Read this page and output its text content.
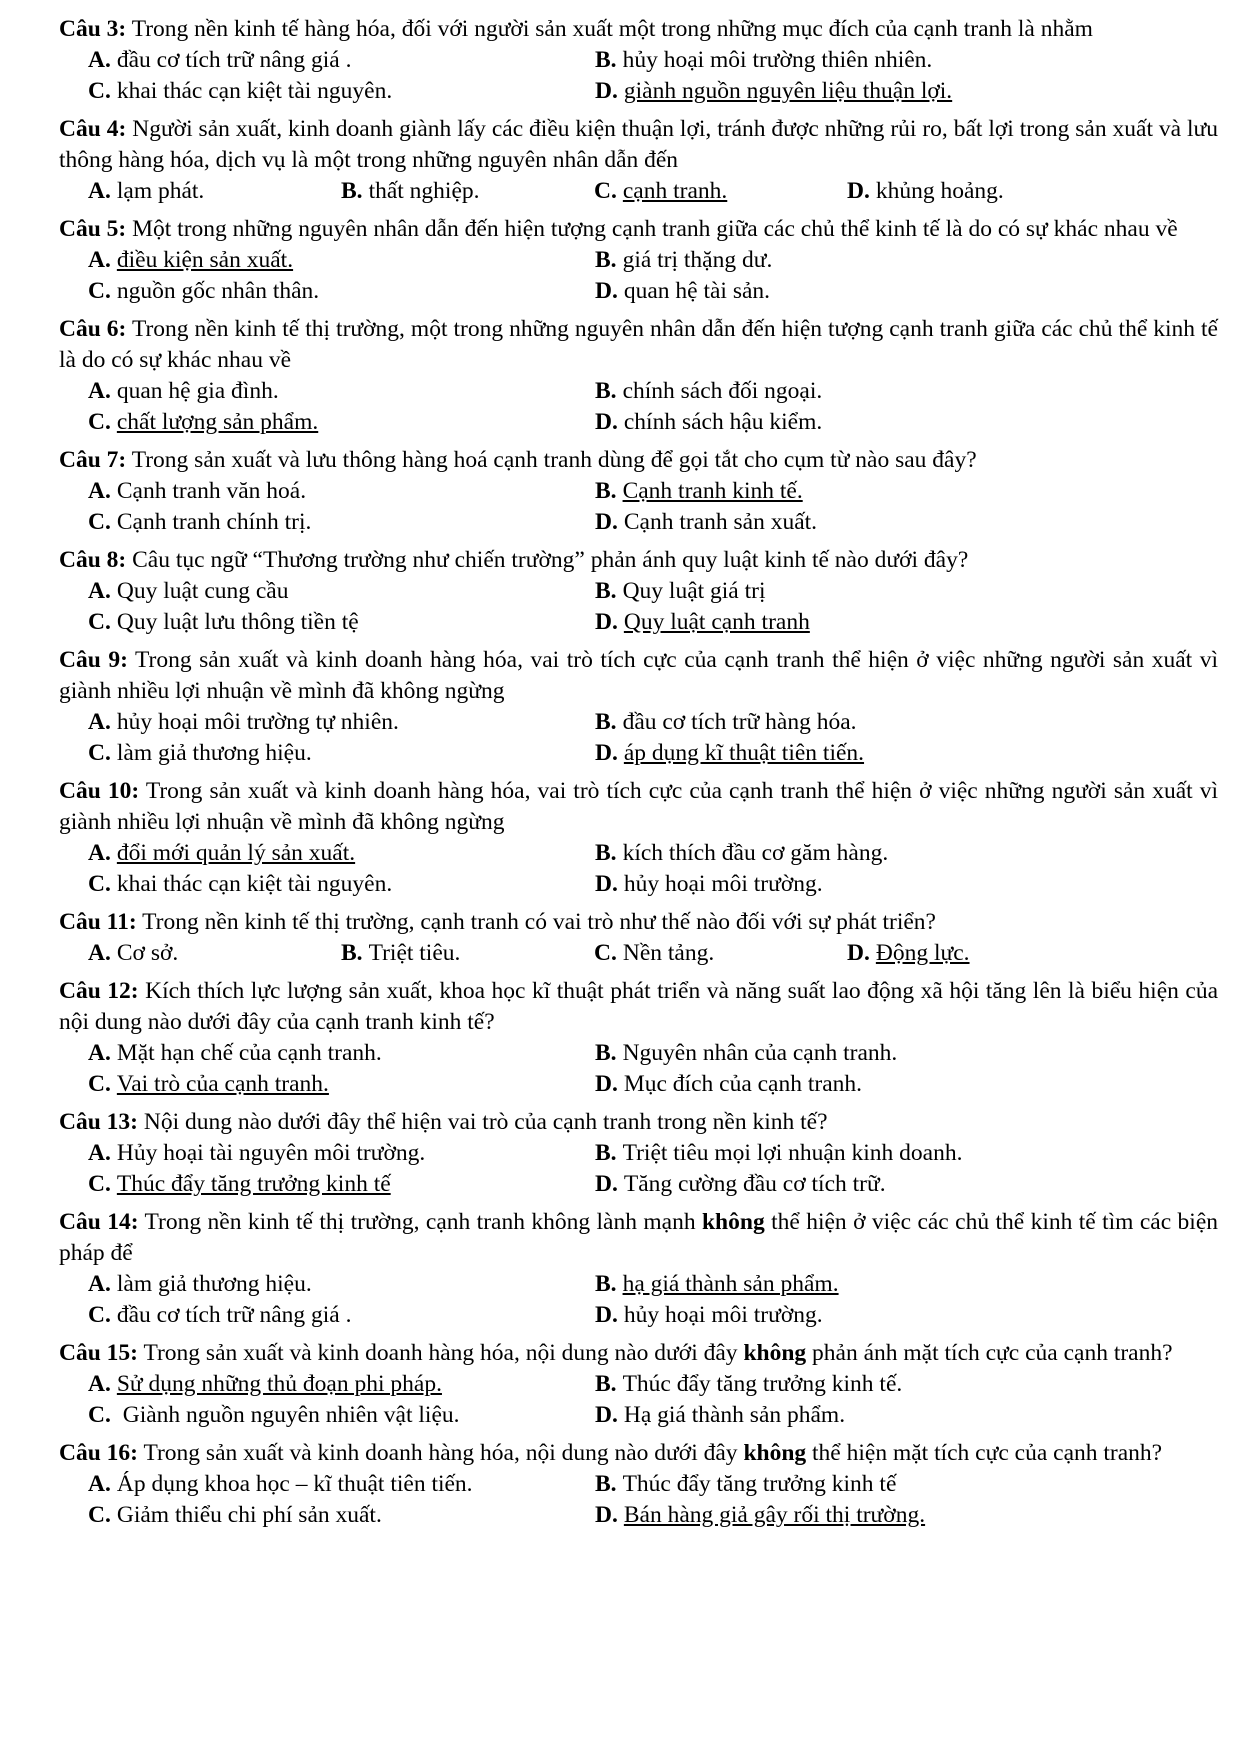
Câu 3: Trong nền kinh tế hàng hóa, đối với người sản xuất một trong những mục đích của cạnh tranh là nhằm
A. đầu cơ tích trữ nâng giá .	B. hủy hoại môi trường thiên nhiên.
C. khai thác cạn kiệt tài nguyên.	D. giành nguồn nguyên liệu thuận lợi.
Câu 4: Người sản xuất, kinh doanh giành lấy các điều kiện thuận lợi, tránh được những rủi ro, bất lợi trong sản xuất và lưu thông hàng hóa, dịch vụ là một trong những nguyên nhân dẫn đến
A. lạm phát.	B. thất nghiệp.	C. cạnh tranh.	D. khủng hoảng.
Câu 5: Một trong những nguyên nhân dẫn đến hiện tượng cạnh tranh giữa các chủ thể kinh tế là do có sự khác nhau về
A. điều kiện sản xuất.	B. giá trị thặng dư.
C. nguồn gốc nhân thân.	D. quan hệ tài sản.
Câu 6: Trong nền kinh tế thị trường, một trong những nguyên nhân dẫn đến hiện tượng cạnh tranh giữa các chủ thể kinh tế là do có sự khác nhau về
A. quan hệ gia đình.	B. chính sách đối ngoại.
C. chất lượng sản phẩm.	D. chính sách hậu kiểm.
Câu 7: Trong sản xuất và lưu thông hàng hoá cạnh tranh dùng để gọi tắt cho cụm từ nào sau đây?
A. Cạnh tranh văn hoá.	B. Cạnh tranh kinh tế.
C. Cạnh tranh chính trị.	D. Cạnh tranh sản xuất.
Câu 8: Câu tục ngữ “Thương trường như chiến trường” phản ánh quy luật kinh tế nào dưới đây?
A. Quy luật cung cầu	B. Quy luật giá trị
C. Quy luật lưu thông tiền tệ	D. Quy luật cạnh tranh
Câu 9: Trong sản xuất và kinh doanh hàng hóa, vai trò tích cực của cạnh tranh thể hiện ở việc những người sản xuất vì giành nhiều lợi nhuận về mình đã không ngừng
A. hủy hoại môi trường tự nhiên.	B. đầu cơ tích trữ hàng hóa.
C. làm giả thương hiệu.	D. áp dụng kĩ thuật tiên tiến.
Câu 10: Trong sản xuất và kinh doanh hàng hóa, vai trò tích cực của cạnh tranh thể hiện ở việc những người sản xuất vì giành nhiều lợi nhuận về mình đã không ngừng
A. đổi mới quản lý sản xuất.	B. kích thích đầu cơ găm hàng.
C. khai thác cạn kiệt tài nguyên.	D. hủy hoại môi trường.
Câu 11: Trong nền kinh tế thị trường, cạnh tranh có vai trò như thế nào đối với sự phát triển?
A. Cơ sở.	B. Triệt tiêu.	C. Nền tảng.	D. Động lực.
Câu 12: Kích thích lực lượng sản xuất, khoa học kĩ thuật phát triển và năng suất lao động xã hội tăng lên là biểu hiện của nội dung nào dưới đây của cạnh tranh kinh tế?
A. Mặt hạn chế của cạnh tranh.	B. Nguyên nhân của cạnh tranh.
C. Vai trò của cạnh tranh.	D. Mục đích của cạnh tranh.
Câu 13: Nội dung nào dưới đây thể hiện vai trò của cạnh tranh trong nền kinh tế?
A. Hủy hoại tài nguyên môi trường.	B. Triệt tiêu mọi lợi nhuận kinh doanh.
C. Thúc đẩy tăng trưởng kinh tế	D. Tăng cường đầu cơ tích trữ.
Câu 14: Trong nền kinh tế thị trường, cạnh tranh không lành mạnh không thể hiện ở việc các chủ thể kinh tế tìm các biện pháp để
A. làm giả thương hiệu.	B. hạ giá thành sản phẩm.
C. đầu cơ tích trữ nâng giá .	D. hủy hoại môi trường.
Câu 15: Trong sản xuất và kinh doanh hàng hóa, nội dung nào dưới đây không phản ánh mặt tích cực của cạnh tranh?
A. Sử dụng những thủ đoạn phi pháp.	B. Thúc đẩy tăng trưởng kinh tế.
C. Giành nguồn nguyên nhiên vật liệu.	D. Hạ giá thành sản phẩm.
Câu 16: Trong sản xuất và kinh doanh hàng hóa, nội dung nào dưới đây không thể hiện mặt tích cực của cạnh tranh?
A. Áp dụng khoa học – kĩ thuật tiên tiến.	B. Thúc đẩy tăng trưởng kinh tế
C. Giảm thiểu chi phí sản xuất.	D. Bán hàng giả gây rối thị trường.
